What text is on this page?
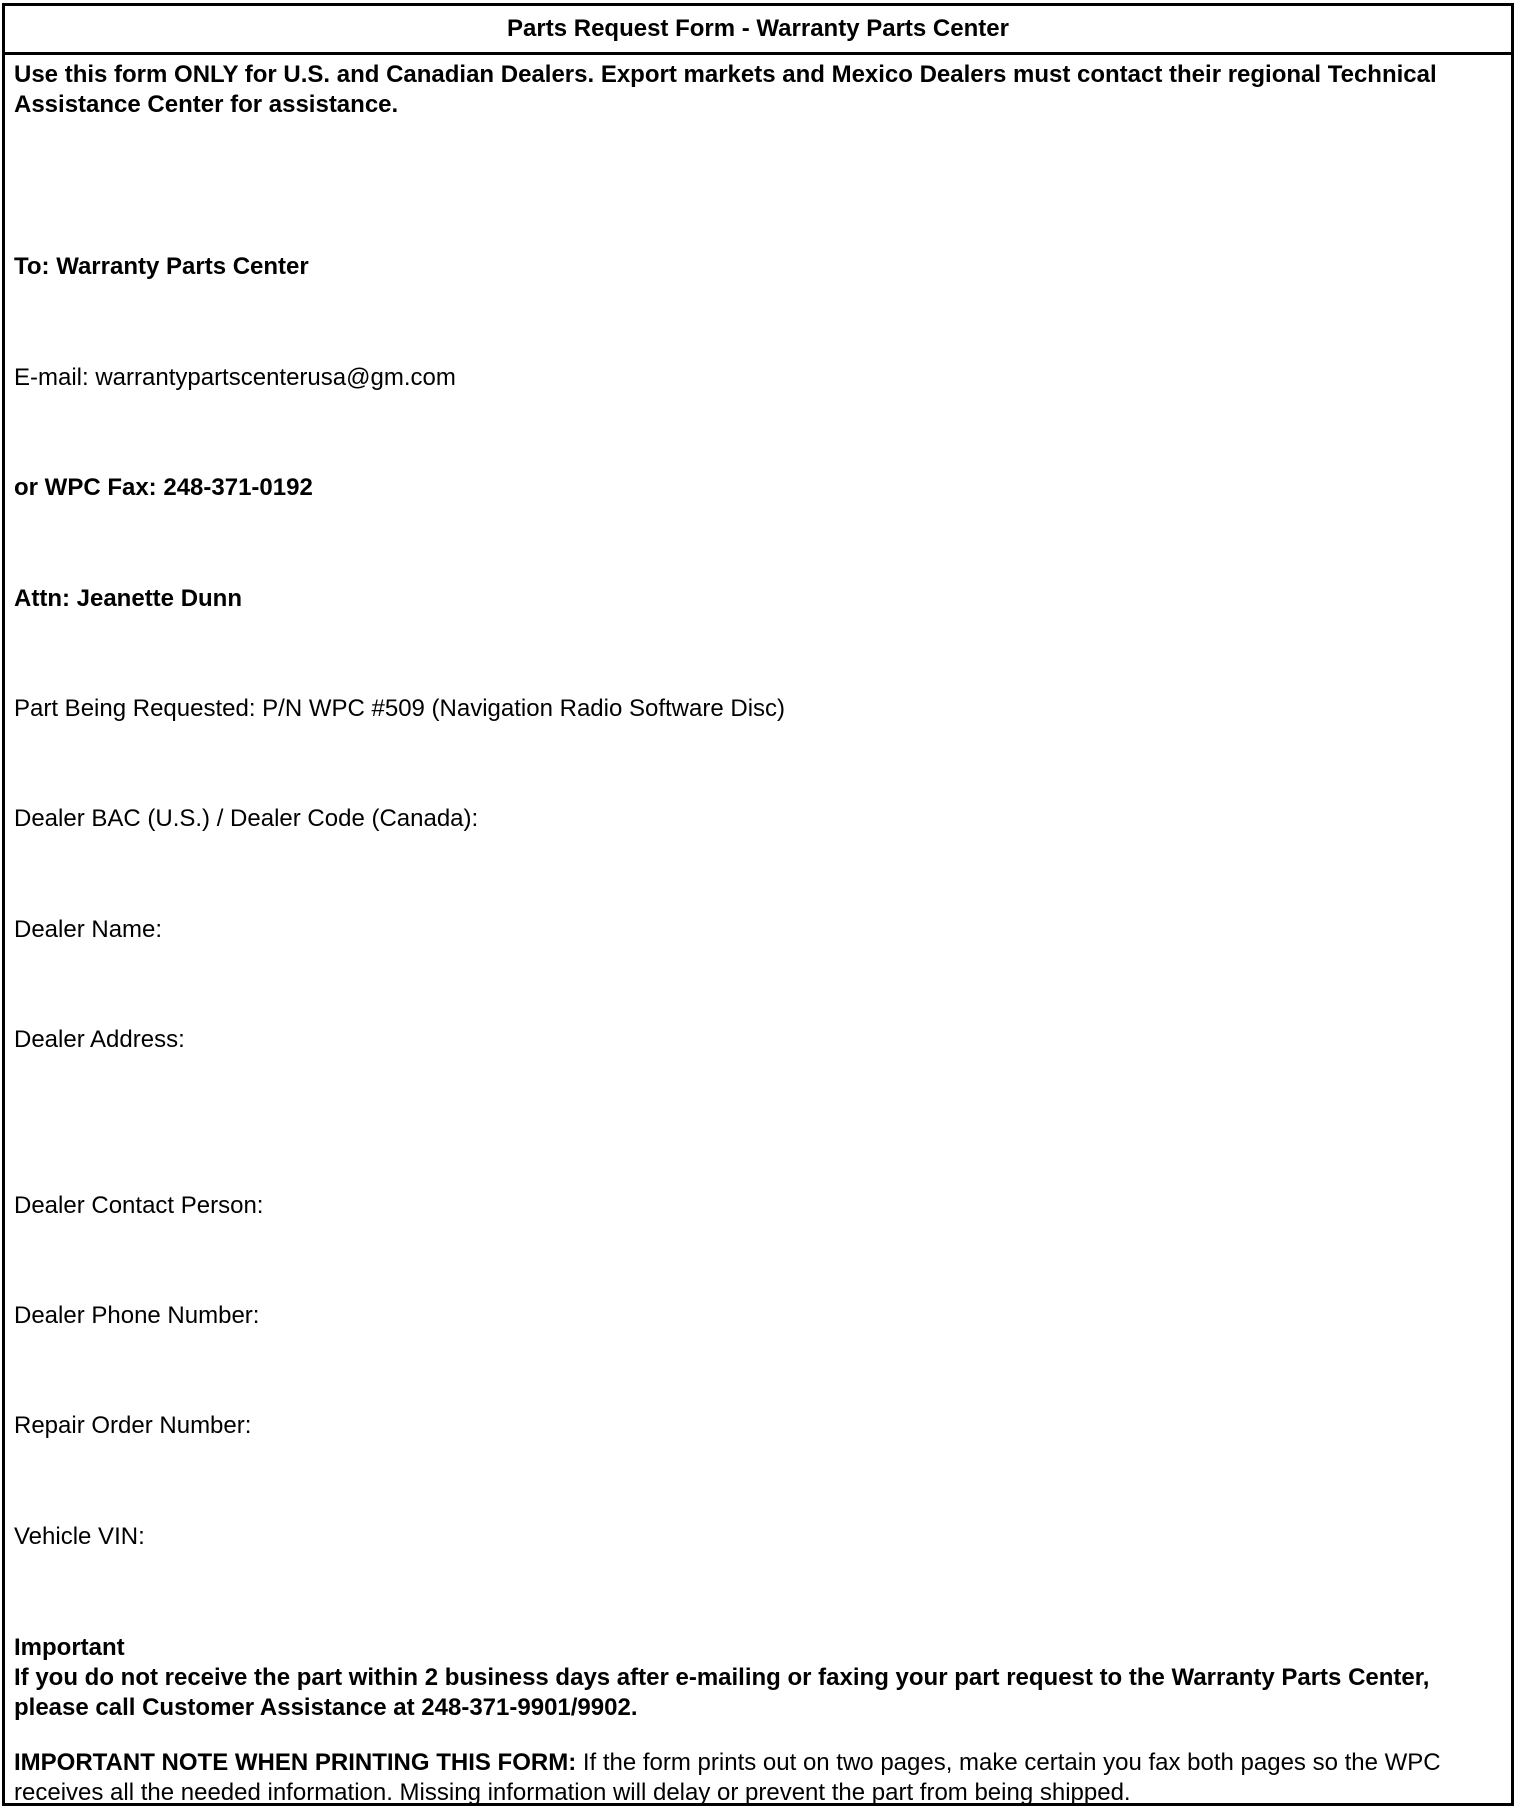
Parts Request Form - Warranty Parts Center
Use this form ONLY for U.S. and Canadian Dealers. Export markets and Mexico Dealers must contact their regional Technical Assistance Center for assistance.
To: Warranty Parts Center
E-mail: warrantypartscenterusa@gm.com
or WPC Fax: 248-371-0192
Attn: Jeanette Dunn
Part Being Requested: P/N WPC #509 (Navigation Radio Software Disc)
Dealer BAC (U.S.) / Dealer Code (Canada):
Dealer Name:
Dealer Address:
Dealer Contact Person:
Dealer Phone Number:
Repair Order Number:
Vehicle VIN:
Important
If you do not receive the part within 2 business days after e-mailing or faxing your part request to the Warranty Parts Center, please call Customer Assistance at 248-371-9901/9902.
IMPORTANT NOTE WHEN PRINTING THIS FORM: If the form prints out on two pages, make certain you fax both pages so the WPC receives all the needed information. Missing information will delay or prevent the part from being shipped.
